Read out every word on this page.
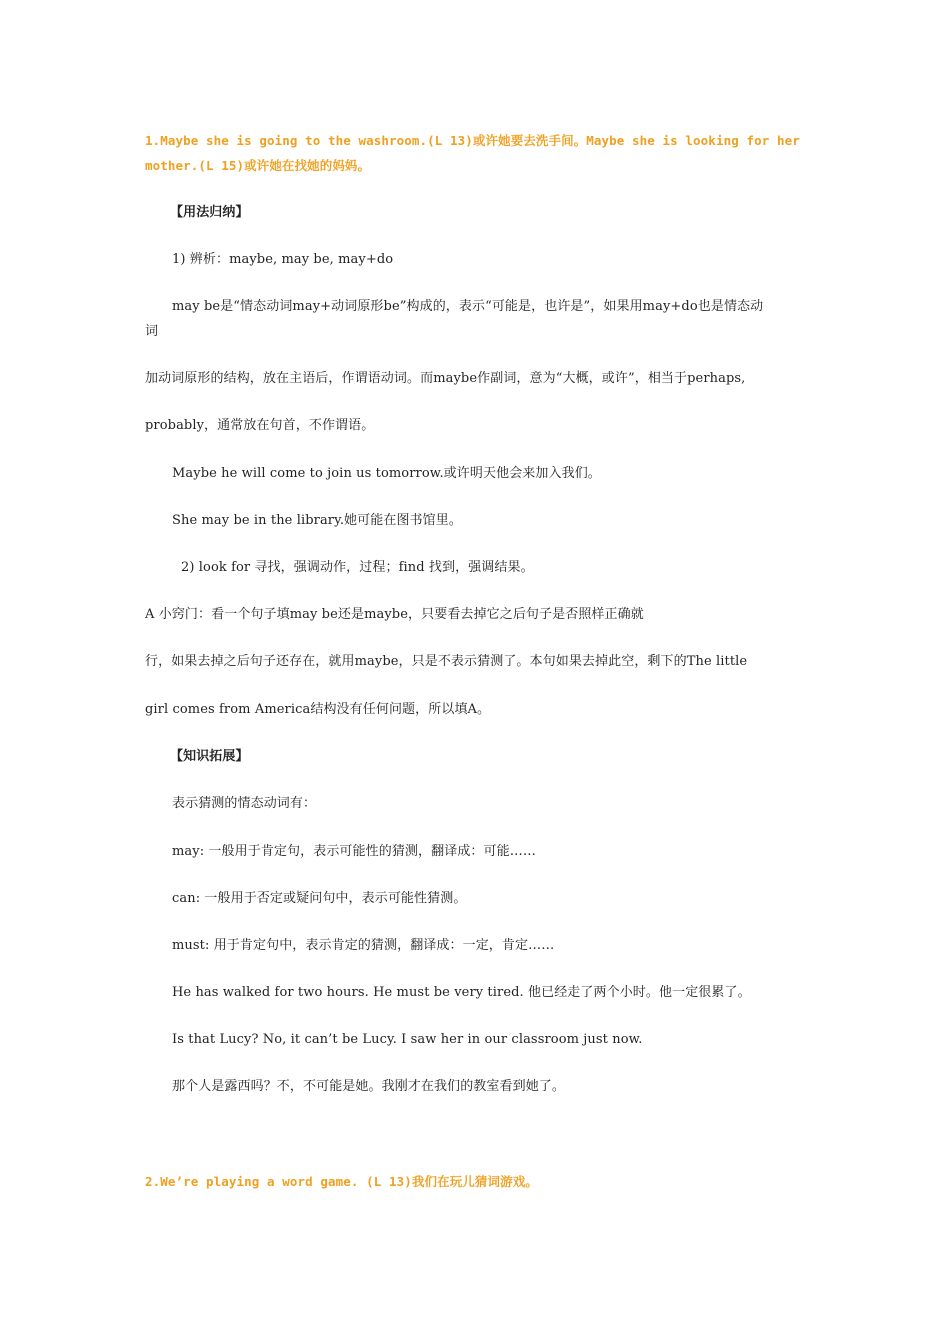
1.Maybe she is going to the washroom.(L 13)或许她要去洗手间。Maybe she is looking for her
mother.(L 15)或许她在找她的妈妈。
【用法归纳】
1) 辨析：maybe, may be, may+do
may be是“情态动词may+动词原形be”构成的，表示“可能是，也许是”，如果用may+do也是情态动
词
加动词原形的结构，放在主语后，作谓语动词。而maybe作副词，意为“大概，或许”，相当于perhaps,
probably，通常放在句首，不作谓语。
Maybe he will come to join us tomorrow.或许明天他会来加入我们。
She may be in the library.她可能在图书馆里。
2) look for 寻找，强调动作，过程；find 找到，强调结果。
A 小窍门：看一个句子填may be还是maybe，只要看去掉它之后句子是否照样正确就
行，如果去掉之后句子还存在，就用maybe，只是不表示猜测了。本句如果去掉此空，剩下的The little
girl comes from America结构没有任何问题，所以填A。
【知识拓展】
表示猜测的情态动词有：
may: 一般用于肯定句，表示可能性的猜测，翻译成：可能……
can: 一般用于否定或疑问句中，表示可能性猜测。
must: 用于肯定句中，表示肯定的猜测，翻译成：一定，肯定……
He has walked for two hours. He must be very tired. 他已经走了两个小时。他一定很累了。
Is that Lucy? No, it can’t be Lucy. I saw her in our classroom just now.
那个人是露西吗？不，不可能是她。我刚才在我们的教室看到她了。
2.We’re playing a word game. (L 13)我们在玩儿猜词游戏。
